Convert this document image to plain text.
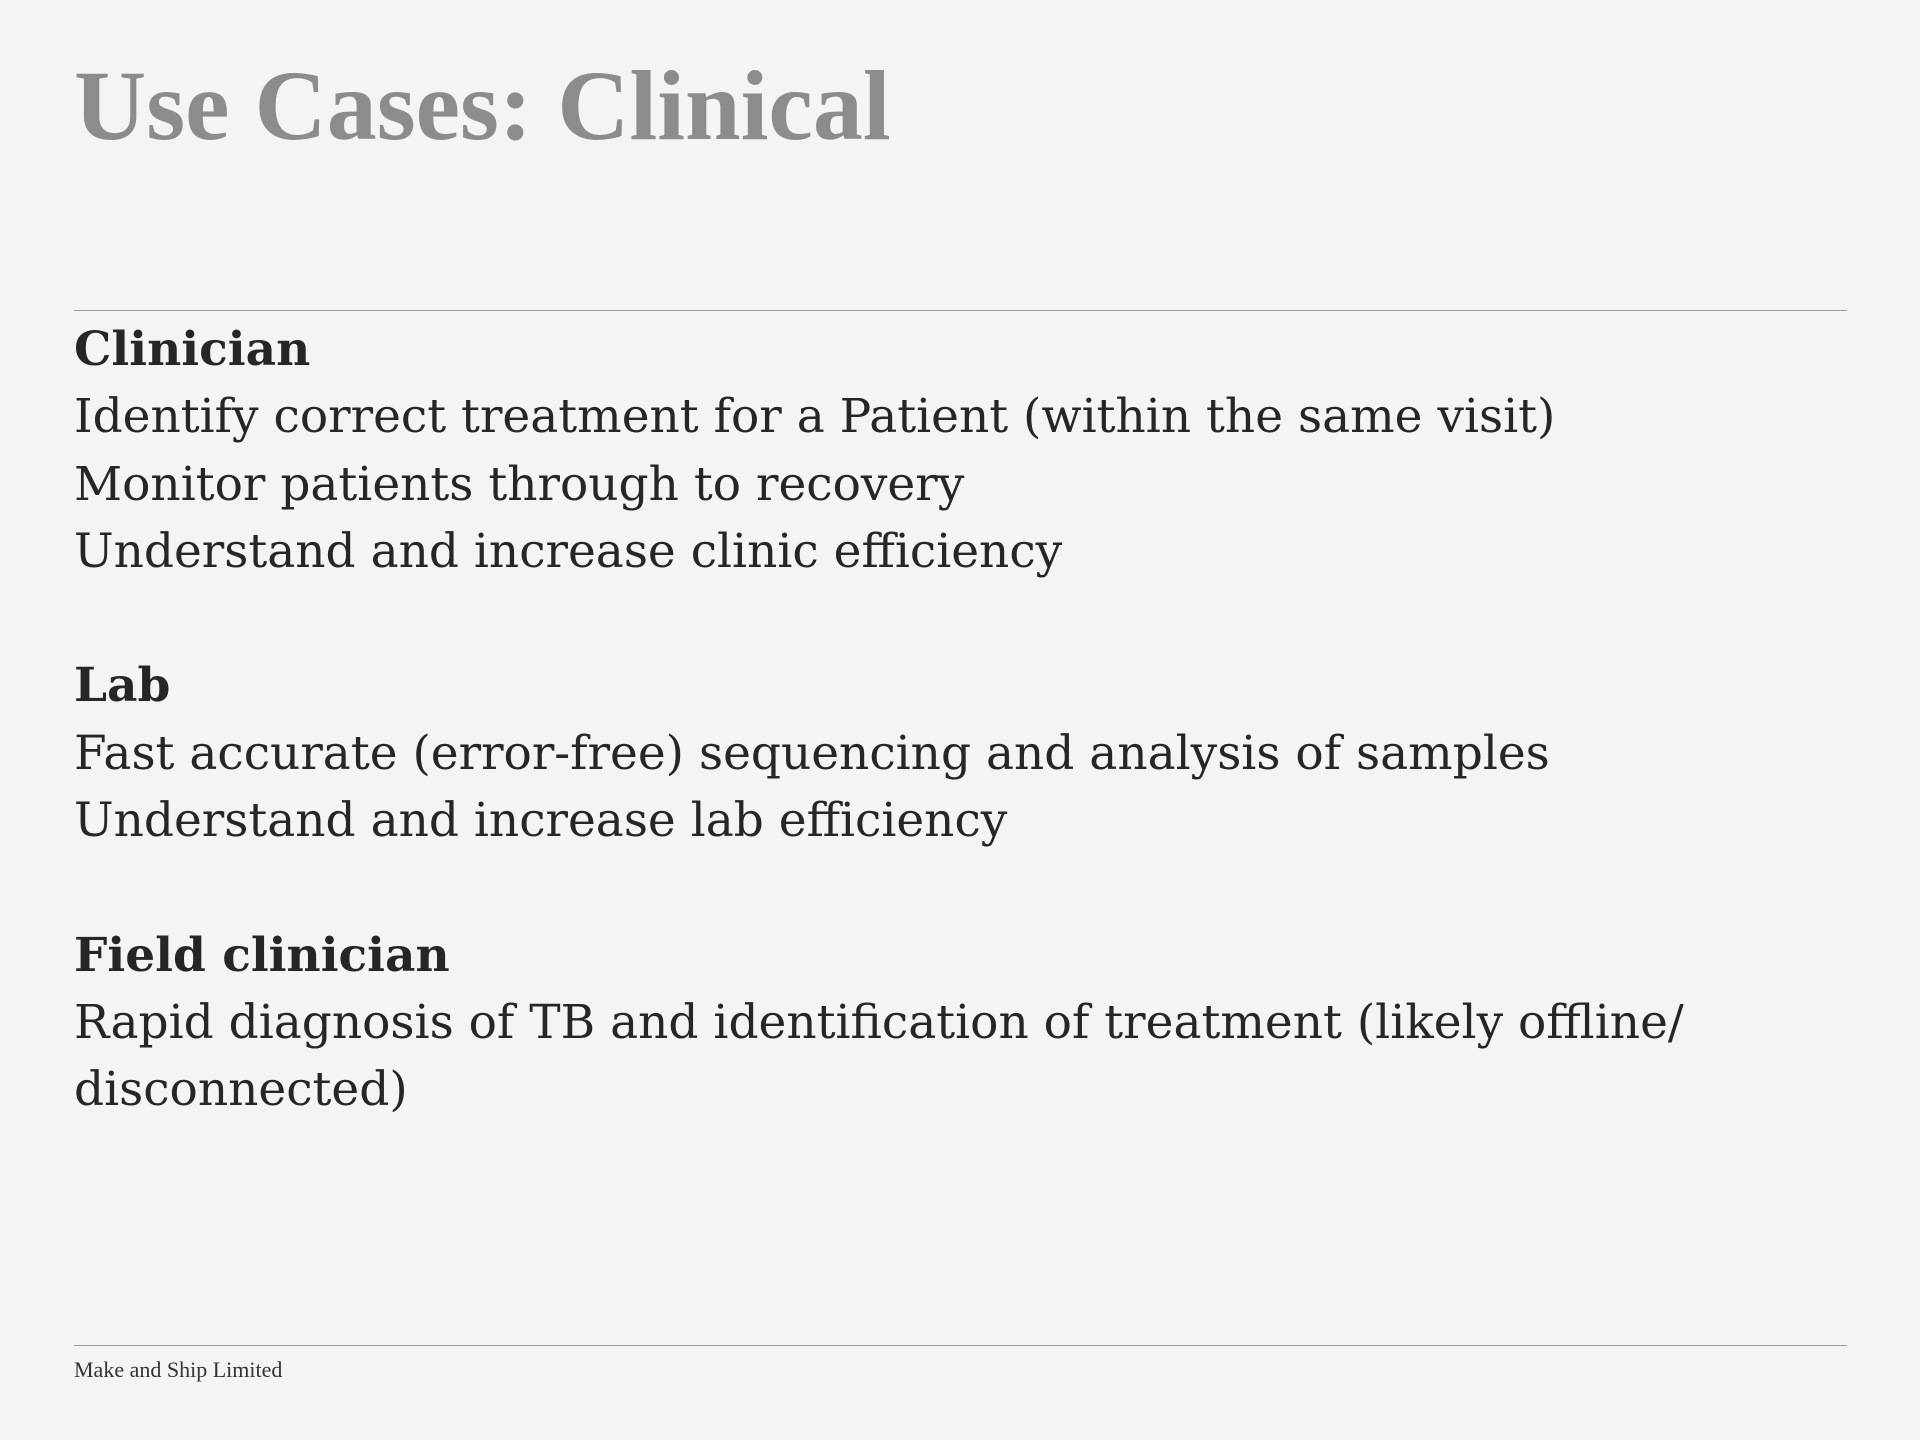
Use Cases: Clinical
Clinician
Identify correct treatment for a Patient (within the same visit)
Monitor patients through to recovery
Understand and increase clinic efficiency
Lab
Fast accurate (error-free) sequencing and analysis of samples
Understand and increase lab efficiency
Field clinician
Rapid diagnosis of TB and identification of treatment (likely offline/ disconnected)
Make and Ship Limited
